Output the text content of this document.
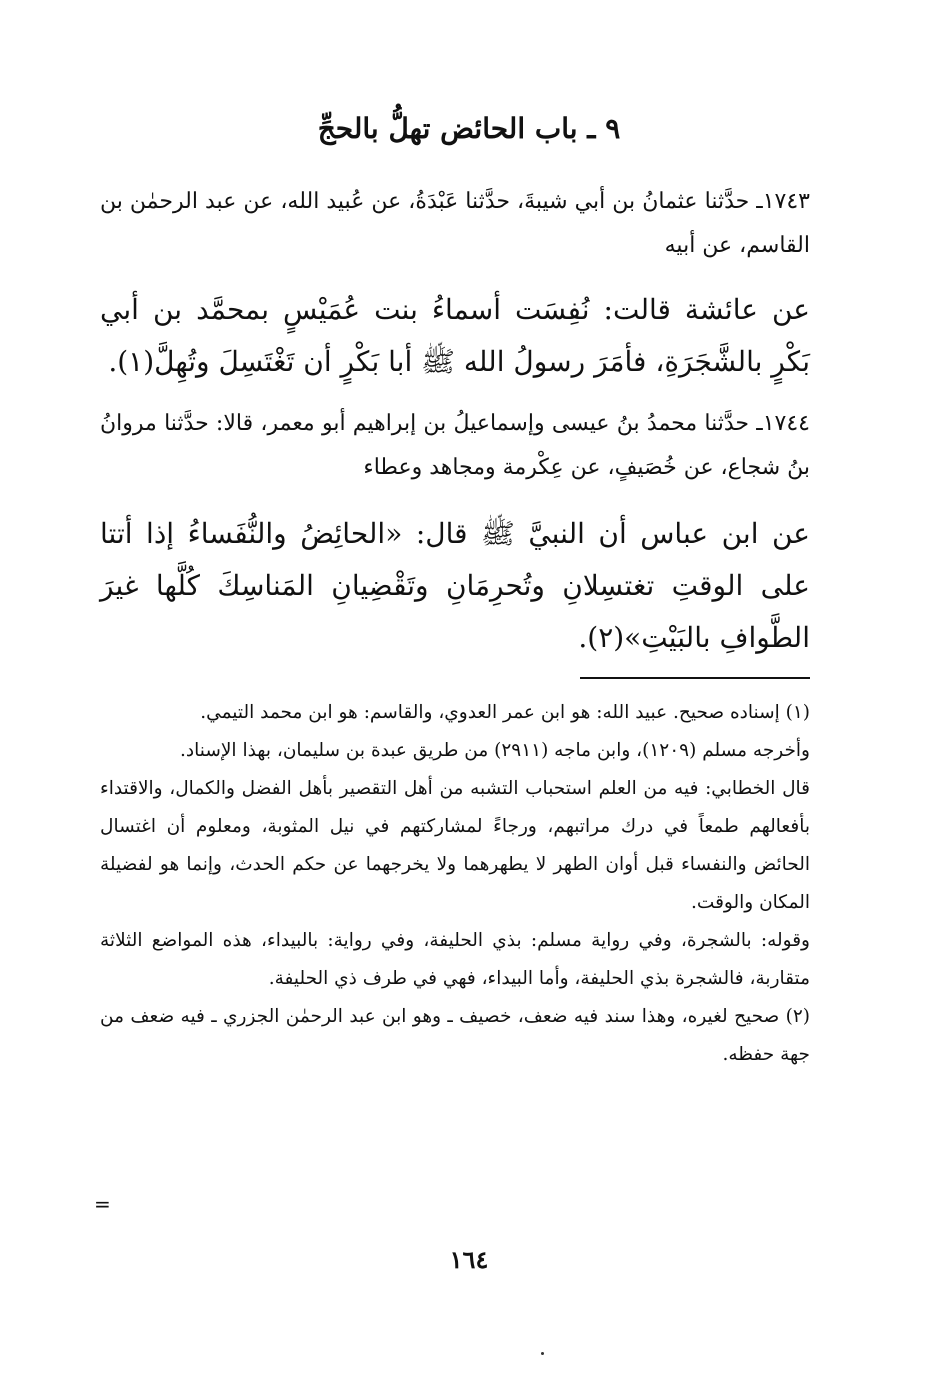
٩ ـ باب الحائض تهلُّ بالحجِّ
١٧٤٣ـ حدَّثنا عثمانُ بن أبي شيبةَ، حدَّثنا عَبْدَةُ، عن عُبيد الله، عن عبد الرحمٰن بن القاسم، عن أبيه
عن عائشة قالت: نُفِسَت أسماءُ بنت عُمَيْسٍ بمحمَّد بن أبي بَكْرٍ بالشَّجَرَةِ، فأمَرَ رسولُ الله ﷺ أبا بَكْرٍ أن تَغْتَسِلَ وتُهِلَّ(١).
١٧٤٤ـ حدَّثنا محمدُ بنُ عيسى وإسماعيلُ بن إبراهيم أبو معمر، قالا: حدَّثنا مروانُ بنُ شجاع، عن خُصَيفٍ، عن عِكْرمة ومجاهد وعطاء
عن ابن عباس أن النبيَّ ﷺ قال: «الحائِضُ والنُّفَساءُ إذا أتتا على الوقتِ تغتسِلانِ وتُحرِمَانِ وتَقْضِيانِ المَناسِكَ كُلَّها غيرَ الطَّوافِ بالبَيْتِ»(٢).

(١) إسناده صحيح. عبيد الله: هو ابن عمر العدوي، والقاسم: هو ابن محمد التيمي.

وأخرجه مسلم (١٢٠٩)، وابن ماجه (٢٩١١) من طريق عبدة بن سليمان، بهذا الإسناد.

قال الخطابي: فيه من العلم استحباب التشبه من أهل التقصير بأهل الفضل والكمال، والاقتداء بأفعالهم طمعاً في درك مراتبهم، ورجاءً لمشاركتهم في نيل المثوبة، ومعلوم أن اغتسال الحائض والنفساء قبل أوان الطهر لا يطهرهما ولا يخرجهما عن حكم الحدث، وإنما هو لفضيلة المكان والوقت.

وقوله: بالشجرة، وفي رواية مسلم: بذي الحليفة، وفي رواية: بالبيداء، هذه المواضع الثلاثة متقاربة، فالشجرة بذي الحليفة، وأما البيداء، فهي في طرف ذي الحليفة.

(٢) صحيح لغيره، وهذا سند فيه ضعف، خصيف ـ وهو ابن عبد الرحمٰن الجزري ـ فيه ضعف من جهة حفظه.

=
١٦٤
